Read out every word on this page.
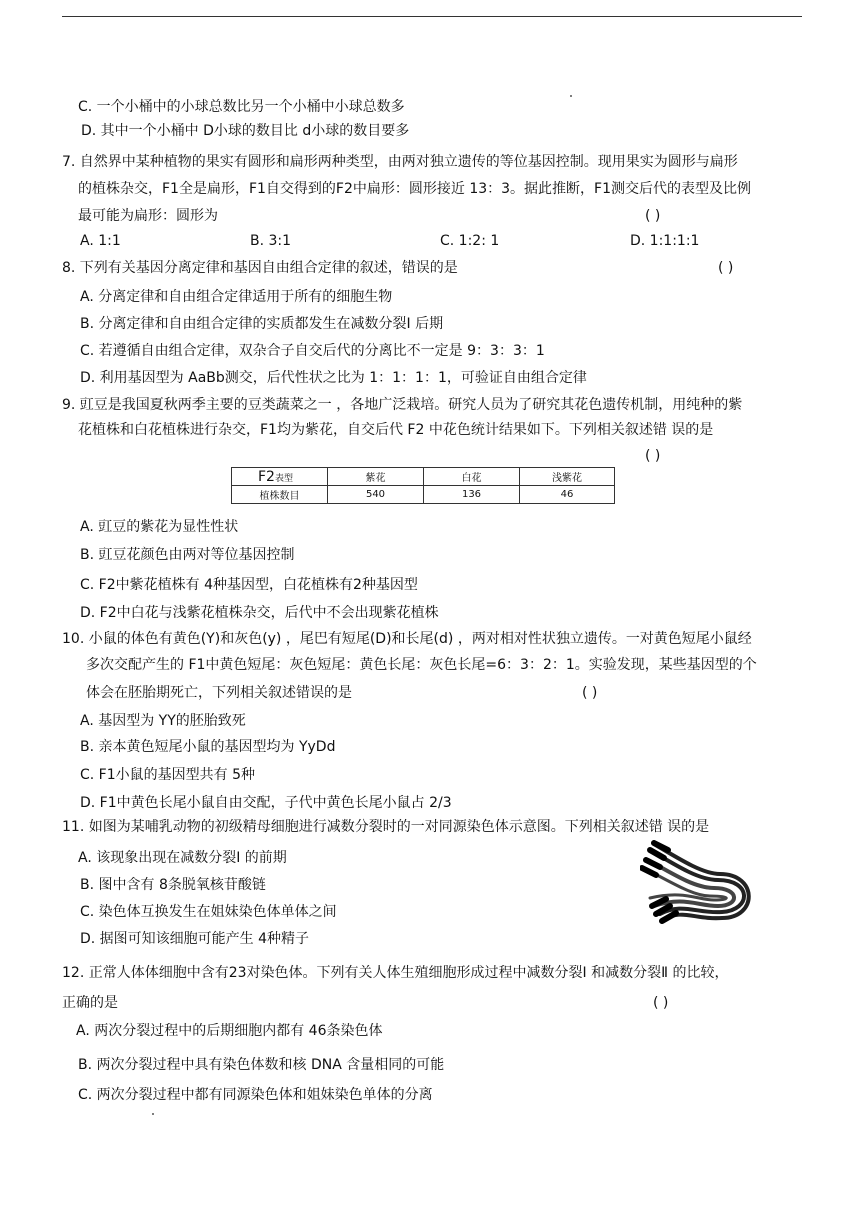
C. 一个小桶中的小球总数比另一个小桶中小球总数多
D. 其中一个小桶中 D小球的数目比 d小球的数目要多
7. 自然界中某种植物的果实有圆形和扁形两种类型，由两对独立遗传的等位基因控制。现用果实为圆形与扁形
的植株杂交，F1全是扁形，F1自交得到的F2中扁形：圆形接近 13：3。据此推断，F1测交后代的表型及比例
最可能为扁形：圆形为	( )
A. 1:1	B. 3:1	C. 1:2: 1	D. 1:1:1:1
8. 下列有关基因分离定律和基因自由组合定律的叙述，错误的是	( )
A. 分离定律和自由组合定律适用于所有的细胞生物
B. 分离定律和自由组合定律的实质都发生在减数分裂Ⅰ 后期
C. 若遵循自由组合定律，双杂合子自交后代的分离比不一定是 9：3：3：1
D. 利用基因型为 AaBb测交，后代性状之比为 1：1：1：1，可验证自由组合定律
9. 豇豆是我国夏秋两季主要的豆类蔬菜之一 ，各地广泛栽培。研究人员为了研究其花色遗传机制，用纯种的紫
花植株和白花植株进行杂交，F1均为紫花，自交后代 F2 中花色统计结果如下。下列相关叙述错 误的是
( )
F2表型	紫花	白花	浅紫花
植株数目	540	136	46
A. 豇豆的紫花为显性性状
B. 豇豆花颜色由两对等位基因控制
C. F2中紫花植株有 4种基因型，白花植株有2种基因型
D. F2中白花与浅紫花植株杂交，后代中不会出现紫花植株
10. 小鼠的体色有黄色(Y)和灰色(y) ，尾巴有短尾(D)和长尾(d) ，两对相对性状独立遗传。一对黄色短尾小鼠经
多次交配产生的 F1中黄色短尾：灰色短尾：黄色长尾：灰色长尾=6：3：2：1。实验发现，某些基因型的个
体会在胚胎期死亡，下列相关叙述错误的是	( )
A. 基因型为 YY的胚胎致死
B. 亲本黄色短尾小鼠的基因型均为 YyDd
C. F1小鼠的基因型共有 5种
D. F1中黄色长尾小鼠自由交配，子代中黄色长尾小鼠占 2/3
11. 如图为某哺乳动物的初级精母细胞进行减数分裂时的一对同源染色体示意图。下列相关叙述错 误的是
A. 该现象出现在减数分裂Ⅰ 的前期
B. 图中含有 8条脱氧核苷酸链
C. 染色体互换发生在姐妹染色体单体之间
D. 据图可知该细胞可能产生 4种精子
12. 正常人体体细胞中含有23对染色体。下列有关人体生殖细胞形成过程中减数分裂Ⅰ 和减数分裂Ⅱ 的比较，
正确的是	( )
A. 两次分裂过程中的后期细胞内都有 46条染色体
B. 两次分裂过程中具有染色体数和核 DNA 含量相同的可能
C. 两次分裂过程中都有同源染色体和姐妹染色单体的分离
